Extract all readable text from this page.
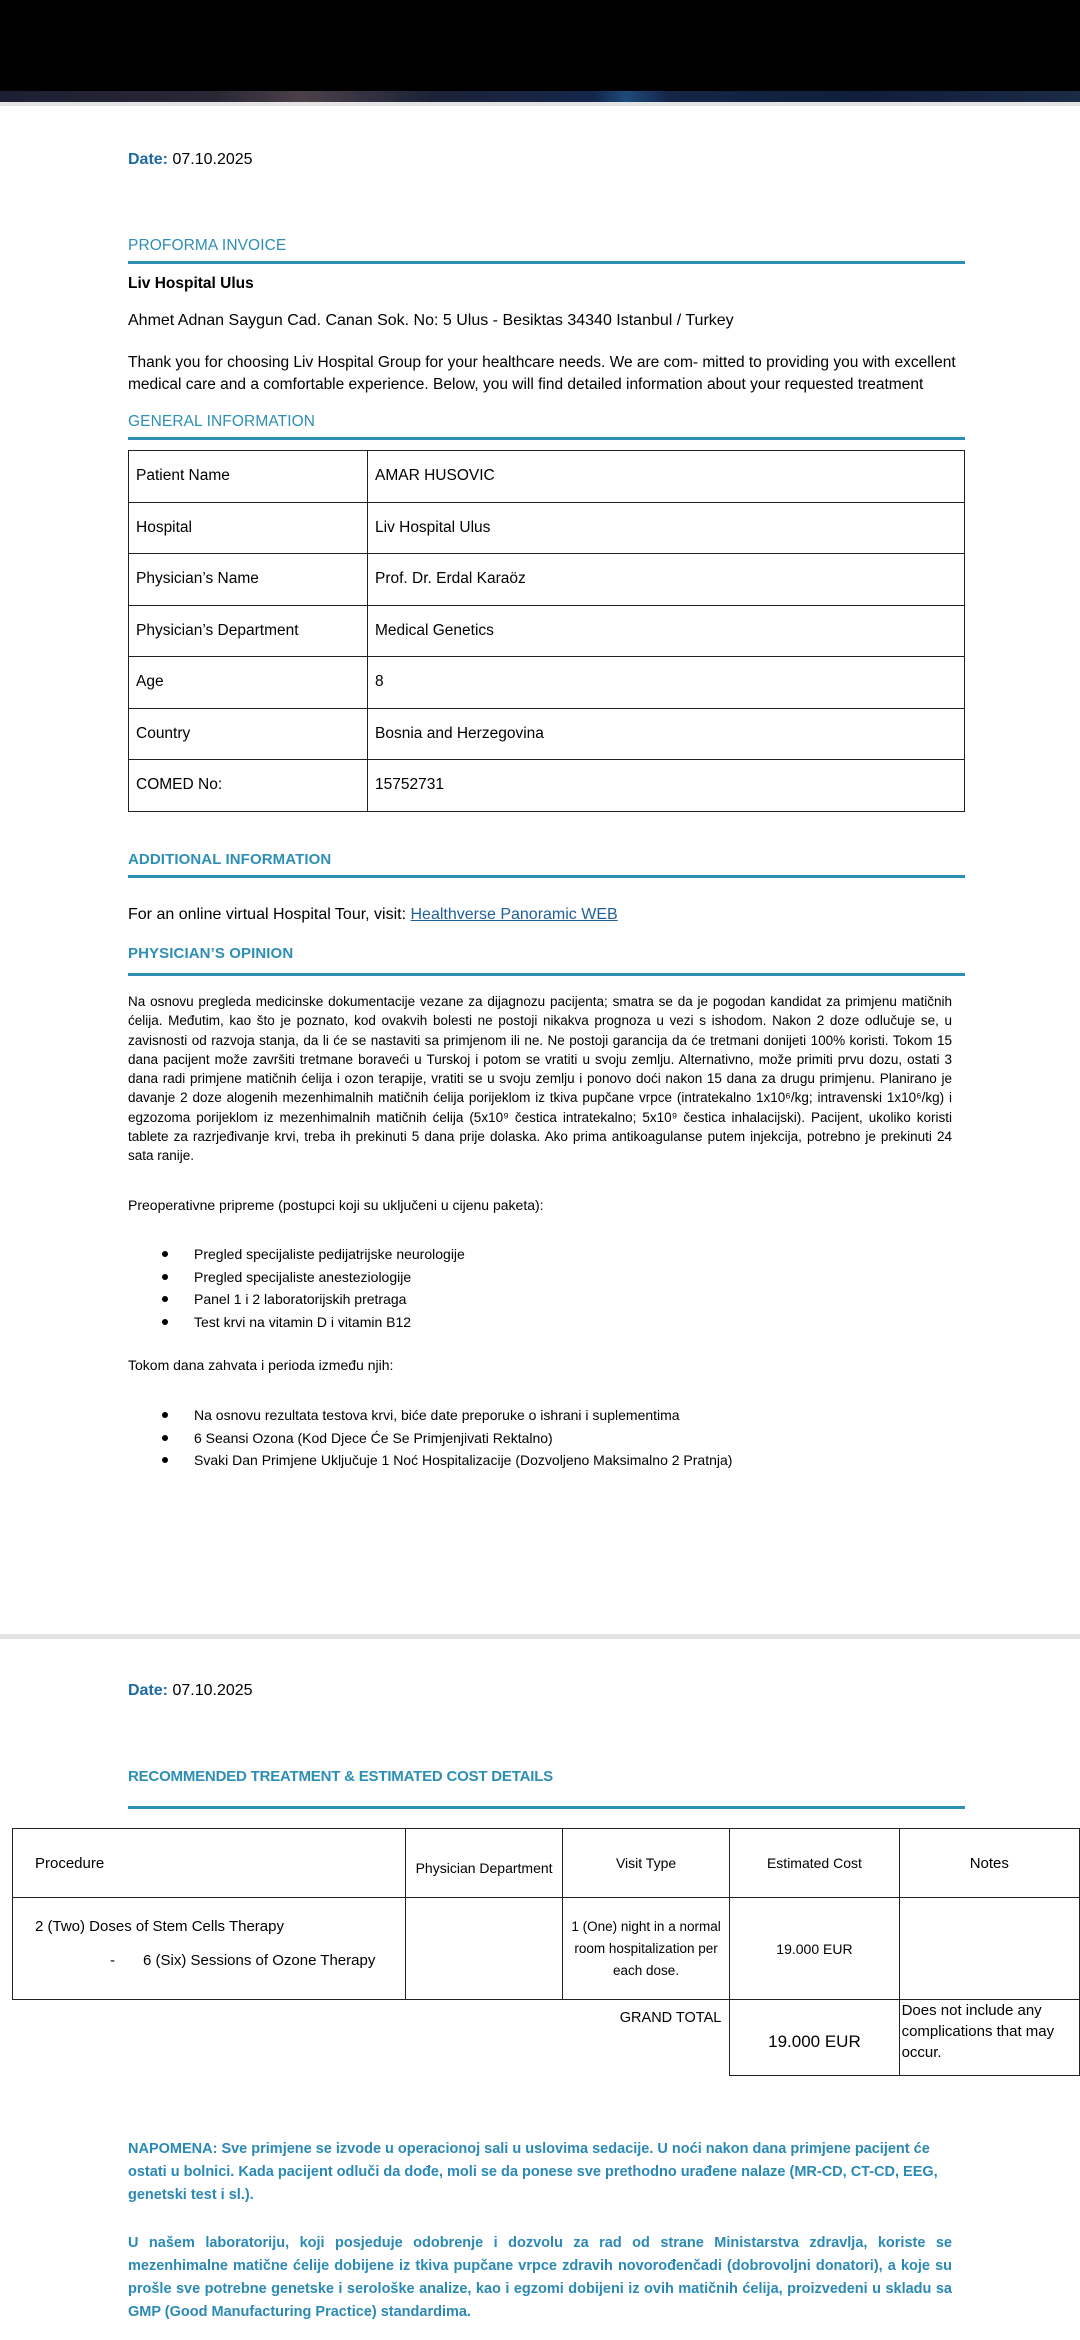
Date: 07.10.2025
PROFORMA INVOICE
Liv Hospital Ulus
Ahmet Adnan Saygun Cad. Canan Sok. No: 5 Ulus - Besiktas 34340 Istanbul / Turkey
Thank you for choosing Liv Hospital Group for your healthcare needs. We are com- mitted to providing you with excellent medical care and a comfortable experience. Below, you will find detailed information about your requested treatment
GENERAL INFORMATION
Patient Name	AMAR HUSOVIC
Hospital	Liv Hospital Ulus
Physician’s Name	Prof. Dr. Erdal Karaöz
Physician’s Department	Medical Genetics
Age	8
Country	Bosnia and Herzegovina
COMED No:	15752731
ADDITIONAL INFORMATION
For an online virtual Hospital Tour, visit: Healthverse Panoramic WEB
PHYSICIAN’S OPINION

Na osnovu pregleda medicinske dokumentacije vezane za dijagnozu pacijenta; smatra se da je pogodan kandidat za primjenu matičnih ćelija. Međutim, kao što je poznato, kod ovakvih bolesti ne postoji nikakva prognoza u vezi s ishodom. Nakon 2 doze odlučuje se, u zavisnosti od razvoja stanja, da li će se nastaviti sa primjenom ili ne. Ne postoji garancija da će tretmani donijeti 100% koristi. Tokom 15 dana pacijent može završiti tretmane boraveći u Turskoj i potom se vratiti u svoju zemlju. Alternativno, može primiti prvu dozu, ostati 3 dana radi primjene matičnih ćelija i ozon terapije, vratiti se u svoju zemlju i ponovo doći nakon 15 dana za drugu primjenu. Planirano je davanje 2 doze alogenih mezenhimalnih matičnih ćelija porijeklom iz tkiva pupčane vrpce (intratekalno 1x10⁶/kg; intravenski 1x10⁶/kg) i egzozoma porijeklom iz mezenhimalnih matičnih ćelija (5x10⁹ čestica intratekalno; 5x10⁹ čestica inhalacijski). Pacijent, ukoliko koristi tablete za razrjeđivanje krvi, treba ih prekinuti 5 dana prije dolaska. Ako prima antikoagulanse putem injekcija, potrebno je prekinuti 24 sata ranije.

Preoperativne pripreme (postupci koji su uključeni u cijenu paketa):
Pregled specijaliste pedijatrijske neurologije
Pregled specijaliste anesteziologije
Panel 1 i 2 laboratorijskih pretraga
Test krvi na vitamin D i vitamin B12
Tokom dana zahvata i perioda između njih:
Na osnovu rezultata testova krvi, biće date preporuke o ishrani i suplementima
6 Seansi Ozona (Kod Djece Će Se Primjenjivati Rektalno)
Svaki Dan Primjene Uključuje 1 Noć Hospitalizacije (Dozvoljeno Maksimalno 2 Pratnja)
Date: 07.10.2025
RECOMMENDED TREATMENT & ESTIMATED COST DETAILS
Procedure	Physician Department	Visit Type	Estimated Cost	Notes

2 (Two) Doses of Stem Cells Therapy
- 6 (Six) Sessions of Ozone Therapy		1 (One) night in a normal room hospitalization per each dose.	19.000 EUR	
GRAND TOTAL			19.000 EUR	Does not include any complications that may occur.

NAPOMENA: Sve primjene se izvode u operacionoj sali u uslovima sedacije. U noći nakon dana primjene pacijent će ostati u bolnici. Kada pacijent odluči da dođe, moli se da ponese sve prethodno urađene nalaze (MR-CD, CT-CD, EEG, genetski test i sl.).

U našem laboratoriju, koji posjeduje odobrenje i dozvolu za rad od strane Ministarstva zdravlja, koriste se mezenhimalne matične ćelije dobijene iz tkiva pupčane vrpce zdravih novorođenčadi (dobrovoljni donatori), a koje su prošle sve potrebne genetske i serološke analize, kao i egzomi dobijeni iz ovih matičnih ćelija, proizvedeni u skladu sa GMP (Good Manufacturing Practice) standardima.
